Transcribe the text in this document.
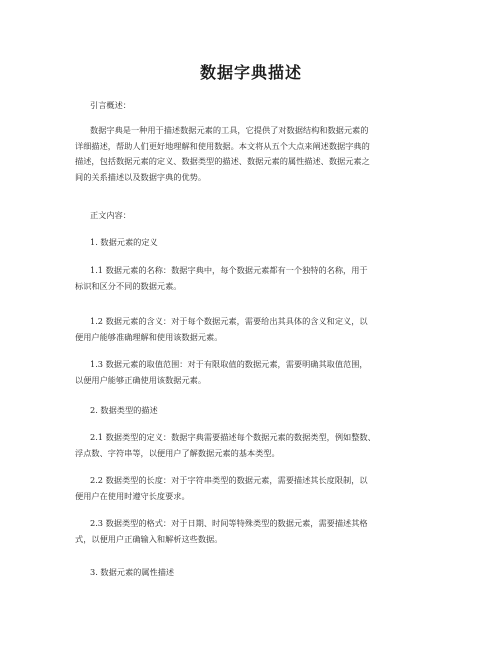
数据字典描述
引言概述：
数据字典是一种用于描述数据元素的工具，它提供了对数据结构和数据元素的
详细描述，帮助人们更好地理解和使用数据。本文将从五个大点来阐述数据字典的
描述，包括数据元素的定义、数据类型的描述、数据元素的属性描述、数据元素之
间的关系描述以及数据字典的优势。
正文内容：
1. 数据元素的定义
1.1 数据元素的名称：数据字典中，每个数据元素都有一个独特的名称，用于
标识和区分不同的数据元素。
1.2 数据元素的含义：对于每个数据元素，需要给出其具体的含义和定义，以
便用户能够准确理解和使用该数据元素。
1.3 数据元素的取值范围：对于有限取值的数据元素，需要明确其取值范围，
以便用户能够正确使用该数据元素。
2. 数据类型的描述
2.1 数据类型的定义：数据字典需要描述每个数据元素的数据类型，例如整数、
浮点数、字符串等，以便用户了解数据元素的基本类型。
2.2 数据类型的长度：对于字符串类型的数据元素，需要描述其长度限制，以
便用户在使用时遵守长度要求。
2.3 数据类型的格式：对于日期、时间等特殊类型的数据元素，需要描述其格
式，以便用户正确输入和解析这些数据。
3. 数据元素的属性描述
